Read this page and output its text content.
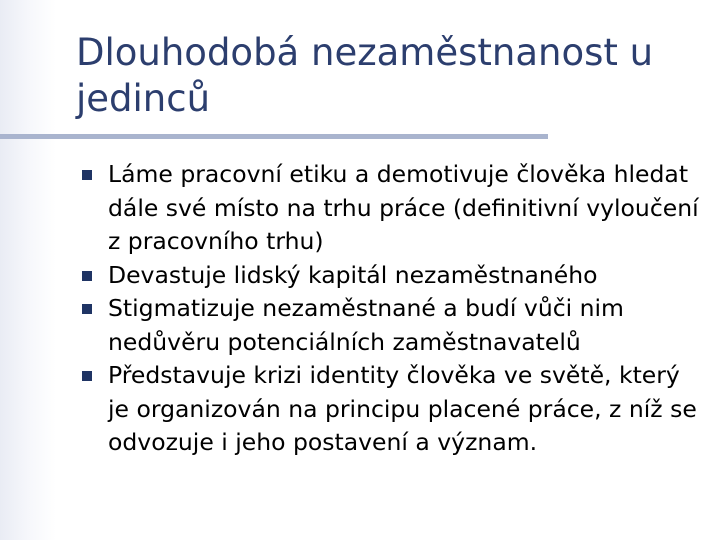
Dlouhodobá nezaměstnanost u jedinců
Láme pracovní etiku a demotivuje člověka hledat dále své místo na trhu práce (definitivní vyloučení z pracovního trhu)
Devastuje lidský kapitál nezaměstnaného
Stigmatizuje nezaměstnané a budí vůči nim nedůvěru potenciálních zaměstnavatelů
Představuje krizi identity člověka ve světě, který je organizován na principu placené práce, z níž se odvozuje i jeho postavení a význam.
